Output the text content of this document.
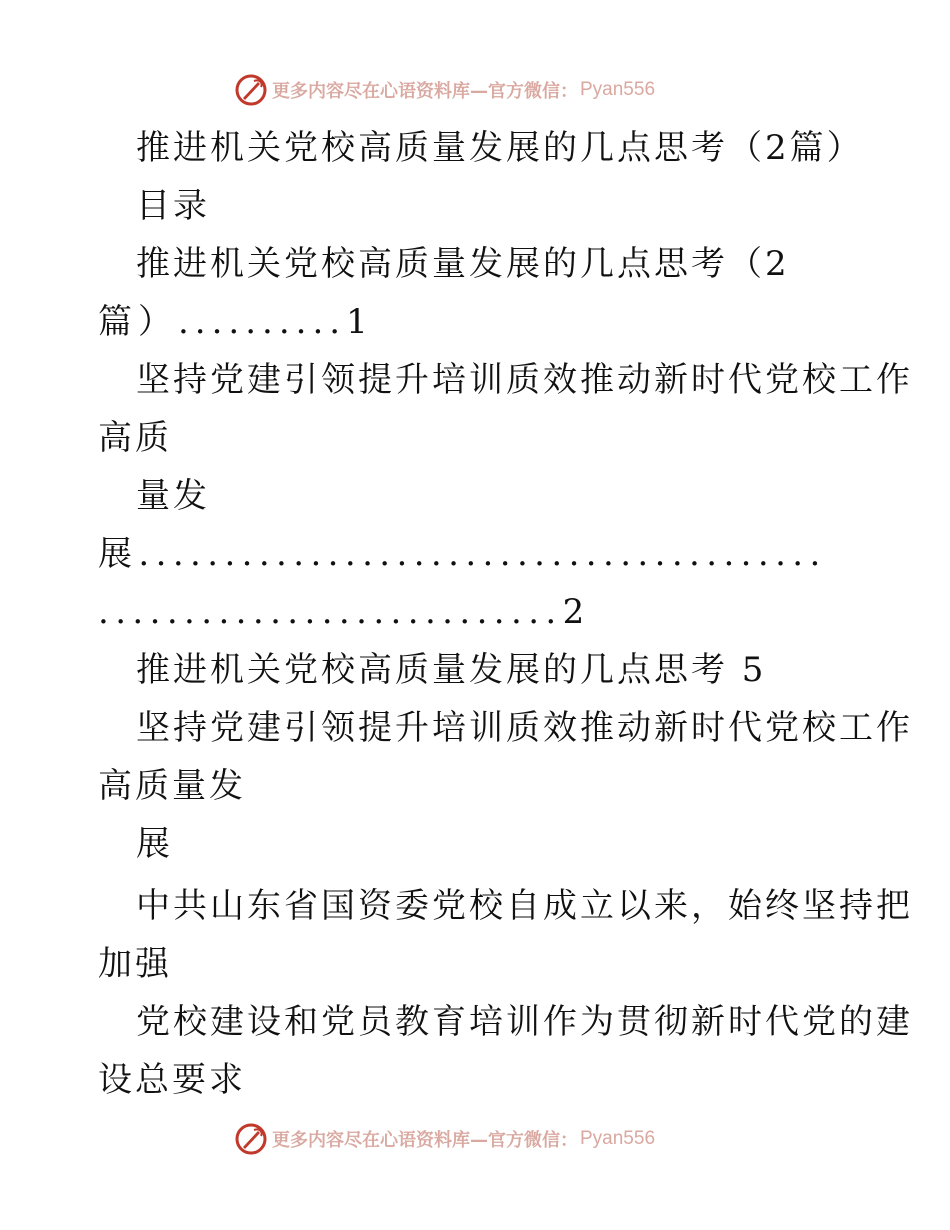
更多内容尽在心语资料库—官方微信： Pyan556
推进机关党校高质量发展的几点思考（2篇）
目录
推进机关党校高质量发展的几点思考（2
篇）..........1
坚持党建引领提升培训质效推动新时代党校工作
高质
量发
展........................................
...........................2
推进机关党校高质量发展的几点思考 5
坚持党建引领提升培训质效推动新时代党校工作
高质量发
展
中共山东省国资委党校自成立以来，始终坚持把
加强
党校建设和党员教育培训作为贯彻新时代党的建
设总要求
更多内容尽在心语资料库—官方微信： Pyan556
